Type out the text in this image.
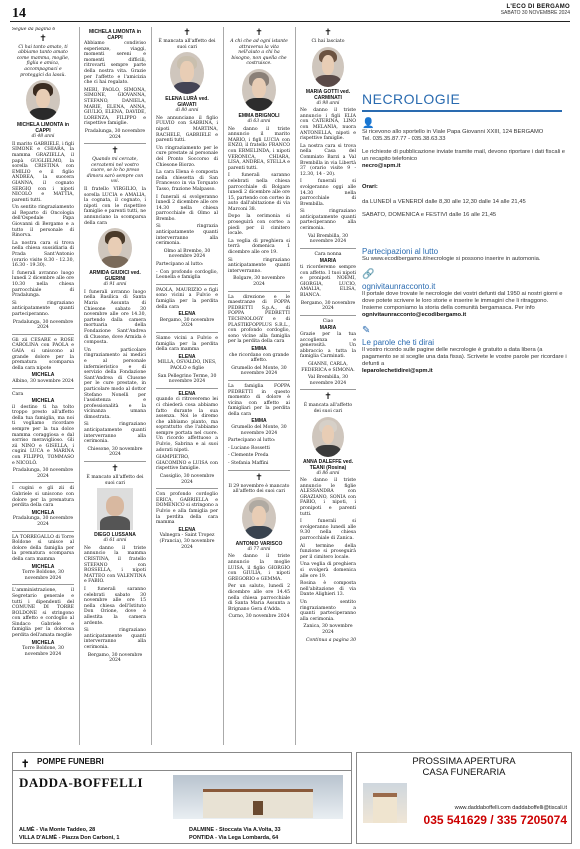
14	L'ECO DI BERGAMO
SABATO 30 NOVEMBRE 2024

Segue da pagina 6

✝

Ci hai tanto amato, ti abbiamo tanto amato come mamma, moglie, figlia e amica, accompagnaci e proteggici da lassù.

MICHELA LIMONTA in CAPPI
di 48 anni

Il marito GABRIELE, i figli SIMONE e CHIARA, la mamma GRAZIELLA, il papà GUGLIELMO, la sorella CRISTINA con EMILIO e il figlio ANDREA, la suocera GIANNA, il cognato SERGIO con i nipoti NICOLÒ e MATTIA, parenti tutti.

Un sentito ringraziamento al Reparto di Oncologia dell'Ospedale Papa Giovanni di Bergamo e a tutto il personale di Rinorva.

La nostra cara si trova nella chiesa sussidiaria di Prada Sant'Antonio (orario visite 8.30 - 12.30, 16.30 - 19.30).

I funerali avranno luogo lunedì 2 dicembre alle ore 10.30 nella chiesa parrocchiale di Pradalunga.

Si ringraziano anticipatamente quanti parteciperanno.

Pradalunga, 30 novembre 2024

Gli zii CESARE e ROSE CAROLINA con PAOLA e GAIA si uniscono al grande dolore per la prematura scomparsa della cara nipote

MICHELA

Albino, 30 novembre 2024

Cara

MICHELA

il destino ti ha tolto troppo presto all'affetto della tua famiglia, ma noi ti vogliamo ricordare sempre per la tua dolce mamma coraggiosa e dal sorriso meraviglioso. Gli zii NINO e GISELLA, i cugini LUCA e MARINA con FILIPPO, TOMMASO e NICOLÒ.

Pradalunga, 30 novembre 2024

I cugini e gli zii di Gabriele si uniscono con dolore per la prematura perdita della cara

MICHELA

Pradalunga, 30 novembre 2024

LA TORREGALLO di Torre Boldone si unisce al dolore della famiglia per la prematura scomparsa della cara mamma

MICHELA

Torre Boldone, 30 novembre 2024

L'amministrazione, il Segretario generale e tutti i dipendenti del COMUNE DI TORRE BOLDONE si stringono con affetto e cordoglio al Sindaco Gabriele e famiglia per la dolorosa perdita dell'amata moglie

MICHELA

Torre Boldone, 30 novembre 2024

MICHELA LIMONTA in CAPPI

Abbiamo condiviso esperienze, viaggi, momenti sereni e momenti difficili, ritrovarti sempre parte della nostra vita. Grazie per l'affetto e l'amicizia che ci hai regalato.

MERI, PAOLO, SIMONA, SIMONE, GIOVANNA, STEFANO, DANIELA, MARIE, ELENA, ANNA, GIULIO, ELENA, DAVIDE, LORENZA, FILIPPO e rispettive famiglie.

Pradalunga, 30 novembre 2024

✝

Quando mi cercate, cercatemi nel vostro cuore, se lo ho preso dimora sarò sempre con voi.

Il fratello VIRGILIO, la sorella LUCIA e AMALIA, la cognata, il cognato, i nipoti con le rispettive famiglie e parenti tutti, ne annunciano la scomparsa della cara

ARMIDA GIUDICI ved. GUERINI
di 91 anni

I funerali avranno luogo nella Basilica di Santa Maria Assunta di Chiesone sabato 30 novembre alle ore 14.30, partendo dalla camera mortuaria della Fondazione Sant'Andrea di Clusone, dove Armida è composta.

Un particolare ringraziamento ai medici e al personale infermieristico e di servizio della Fondazione Sant'Andrea di Clusone per le cure prestate, in particolare modo al dottor Stefano Nonelli per l'assistenza e professionalità e la vicinanza umana dimostrata.

Si ringraziano anticipatamente quanti interverranno alla cerimonia.

Chiesone, 30 novembre 2024

✝

È mancato all'affetto dei suoi cari

DIEGO LUSSANA
di 61 anni

Ne danno il triste annuncio la mamma CRISTINA, il fratello STEFANO con ROSSELLA, i nipoti MATTEO con VALENTINA e FABIO.

I funerali saranno celebrati sabato 30 novembre alle ore 15 nella chiesa dell'Istituto Don Orione, dove è allestita la camera ardente.

Si ringraziano anticipatamente quanti interverranno alla cerimonia.

Bergamo, 30 novembre 2024

✝

È mancata all'affetto dei suoi cari

ELENA LURÀ ved. GIAVATI
di 80 anni

Ne annunciano il figlio FULVIO con SABRINA, i nipoti MARTINA, RACHELE, GABRIELE e parenti tutti.

Un ringraziamento per le cure prestate al personale del Pronto Soccorso di Chiesone Biorzo.

La cara Elena è composta nella chiesetta di San Francesco in via Torquato Tasso, frazione Malpasso.

I funerali si svolgeranno lunedì 2 dicembre alle ore 14.30 nella chiesa parrocchiale di Olmo al Brembo.

Si ringrazia anticipatamente quanti interverranno alla cerimonia.

Olmo al Brembo, 30 novembre 2024

Partecipano al lutto:

- Con profondo cordoglio, Leonella e famiglia

PAOLA, MAURIZIO e figli sono vicini a Fulvio e famiglia per la perdita della cara

ELENA

Bergamo, 30 novembre 2024

Siamo vicini a Fulvio e famiglia per la perdita della cara mamma

ELENA

MILLA, OSVALDO, INES, PAOLO e figlie

San Pellegrino Terme, 30 novembre 2024

ELENA

quando ci ritroveremo lei ci chiederà cosa abbiamo fatto durante la sua assenza. Noi le diremo che abbiamo pianto, ma soprattutto che l'abbiamo sempre portata nel cuore. Un ricordo affettuoso a Fulvio, Sabrina e ai suoi adorati nipoti.

GIAMPIETRO, GIACOMINO e LUISA con rispettive famiglie.

Cassiglio, 30 novembre 2024

Con profondo cordoglio ERICA, GABRIELLA e DOMENICO si stringono a Fulvio e alla famiglia per la perdita della cara mamma

ELENA

Valnegra - Saint Tropez (Francia), 30 novembre 2024

✝

A chi che ad ogni istante attraversa la vita nell'aiuto a chi ha bisogno, non quella che costruisce.

EMMA BRIGNOLI
di 63 anni

Ne danno il triste annuncio il marito MARIO, i figli LUCIA con ENZO, il fratello FRANCO con ERMELINDA, i nipoti VERONICA, CHIARA, LISA, ANDREA, STELLA e parenti tutti.

I funerali saranno celebrati nella chiesa parrocchiale di Bolgare lunedì 2 dicembre alle ore 15, partendo con corteo in auto dall'abitazione di via Marconi 38.

Dopo la cerimonia si proseguirà con corteo a piedi per il cimitero locale.

La veglia di preghiera si terrà domenica 1 dicembre alle ore 19.

Si ringraziano anticipatamente quanti interverranno.

Bolgare, 30 novembre 2024

La direzione e le maestranze di FOPPA PEDRETTI S.p.A., di FOPPA PEDRETTI TECHNOLOGY e di PLASTIKFOPPLUS S.R.L., con profondo cordoglio, sono vicine alla famiglia per la perdita della cara

EMMA

che ricordano con grande affetto.

Grumello del Monte, 30 novembre 2024

La famiglia FOPPA PEDRETTI in questo momento di dolore è vicina con affetto ai famigliari per la perdita della cara

EMMA

Grumello del Monte, 30 novembre 2024

Partecipano al lutto:

- Luciano Rossetti

- Clemente Preda

- Stefania Maffini

✝

Il 29 novembre è mancato all'affetto dei suoi cari

ANTONIO VARISCO
di 77 anni

Ne danno il triste annuncio la moglie LUISA, il figlio GIORGIO con GIULIA, i nipoti GREGORIO e GEMMA.

Per un saluto, lunedì 2 dicembre alle ore 14.45 nella chiesa parrocchiale di Santa Maria Assunta a Brignano Gera d'Adda.

Curno, 30 novembre 2024

✝

Ci hai lasciato

MARIA GOTTI ved. CARMINATI
di 98 anni

Ne danno il triste annuncio i figli ELIA con CATERINA, LINO con MELANIA, nuora ANTONELLA, nipoti e rispettive famiglie.

La nostra cara si trova nella Casa del Commiato Barzi a Val Brembilla in via Libertà 37 (orario visite 9 - 12.30, 14 - 20).

I funerali si svolgeranno oggi alle 14.30 nella parrocchiale di Brembilla.

Si ringraziano anticipatamente quanti parteciperanno alla cerimonia.

Val Brembilla, 30 novembre 2024

Cara nonna

MARIA

ti ricorderemo sempre con affetto. I tuoi nipoti e pronipoti NOEMI, GIORGIA, LUCIO, AMALIA, ELISA, BIANCA.

Bergamo, 30 novembre 2024

Ciao

MARIA

Grazie per la tua accoglienza e generosità. Un abbraccio a tutta la famiglia Carminati.

GIANNI, CARLA, FEDERICA e SIMONA.

Val Brembilla, 30 novembre 2024

✝

È mancata all'affetto dei suoi cari

ANNA DALEFFE ved. TEANI (Rosina)
di 86 anni

Ne danno il triste annuncio le figlie ALESSANDRA con GRAZIANO, SONIA con FABIO, i nipoti, i pronipoti e parenti tutti.

I funerali si svolgeranno lunedì alle 9.30 nella chiesa parrocchiale di Zanica.

Al termine della funzione si proseguirà per il cimitero locale.

Una veglia di preghiera si svolgerà domenica alle ore 19.

Rosina è composta nell'abitazione di via Dante Alighieri 13.

Un sentito ringraziamento a quanti parteciperanno alla cerimonia.

Zanica, 30 novembre 2024

Continua a pagina 30

NECROLOGIE
👤
Si ricevono allo sportello in Viale Papa Giovanni XXIII, 124 BERGAMO
Tel. 035.35.87.77 - 035.38.63.33
Le richieste di pubblicazione inviate tramite mail, devono riportare i dati fiscali e un recapito telefonico
necro@spm.it
Orari:
da LUNEDÌ a VENERDÌ dalle 8,30 alle 12,30 dalle 14 alle 21,45
SABATO, DOMENICA e FESTIVI dalle 16 alle 21,45
Partecipazioni al lutto
Su www.ecodibergamo.it/necrologie si possono inserire in automonia.
🔗
ognivitaunracconto.it
Il portale dove trovate le necrologie dei vostri defunti dal 1950 ai nostri giorni e dove potete scrivere le loro storie e inserire le immagini che li ritraggono. Insieme componiamo la storia della comunità bergamasca. Per info
ognivitaunracconto@ecodibergamo.it
✎
Le parole che ti dirai
Il vostro ricordo sulle pagine delle necrologie è gratuito a data libera (a pagamento se si sceglie una data fissa). Scrivete le vostre parole per ricordare i defunti a
leparolechetidirei@spm.it
✝ POMPE FUNEBRI
DADDA-BOFFELLI
ALMÈ - Via Monte Taddeo, 28
VILLA D'ALMÈ - Piazza Don Carboni, 1
DALMINE - Stoccata Via A.Volta, 33
PONTIDA - Via Lega Lombarda, 64
PROSSIMA APERTURA
CASA FUNERARIA
www.daddaboffelli.com daddaboffelli@tiscali.it
035 541629 / 335 7205074
